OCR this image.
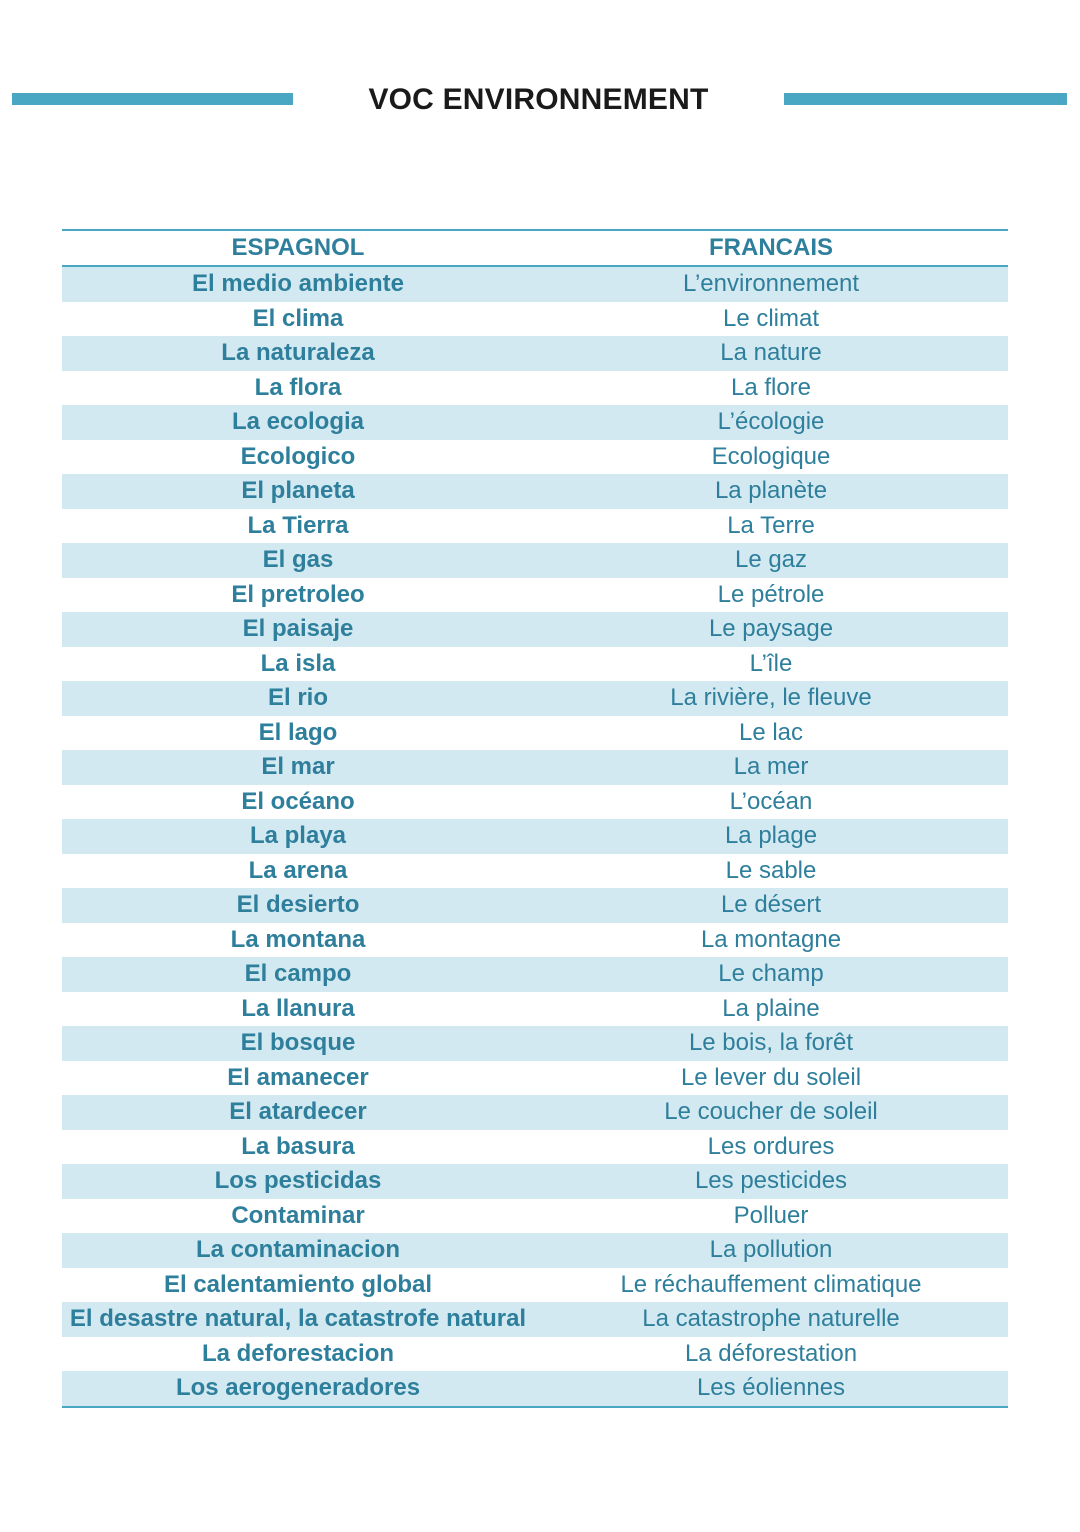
VOC ENVIRONNEMENT
ESPAGNOL	FRANCAIS
El medio ambiente	L’environnement
El clima	Le climat
La naturaleza	La nature
La flora	La flore
La ecologia	L’écologie
Ecologico	Ecologique
El planeta	La planète
La Tierra	La Terre
El gas	Le gaz
El pretroleo	Le pétrole
El paisaje	Le paysage
La isla	L’île
El rio	La rivière, le fleuve
El lago	Le lac
El mar	La mer
El océano	L’océan
La playa	La plage
La arena	Le sable
El desierto	Le désert
La montana	La montagne
El campo	Le champ
La llanura	La plaine
El bosque	Le bois, la forêt
El amanecer	Le lever du soleil
El atardecer	Le coucher de soleil
La basura	Les ordures
Los pesticidas	Les pesticides
Contaminar	Polluer
La contaminacion	La pollution
El calentamiento global	Le réchauffement climatique
El desastre natural, la catastrofe natural	La catastrophe naturelle
La deforestacion	La déforestation
Los aerogeneradores	Les éoliennes
